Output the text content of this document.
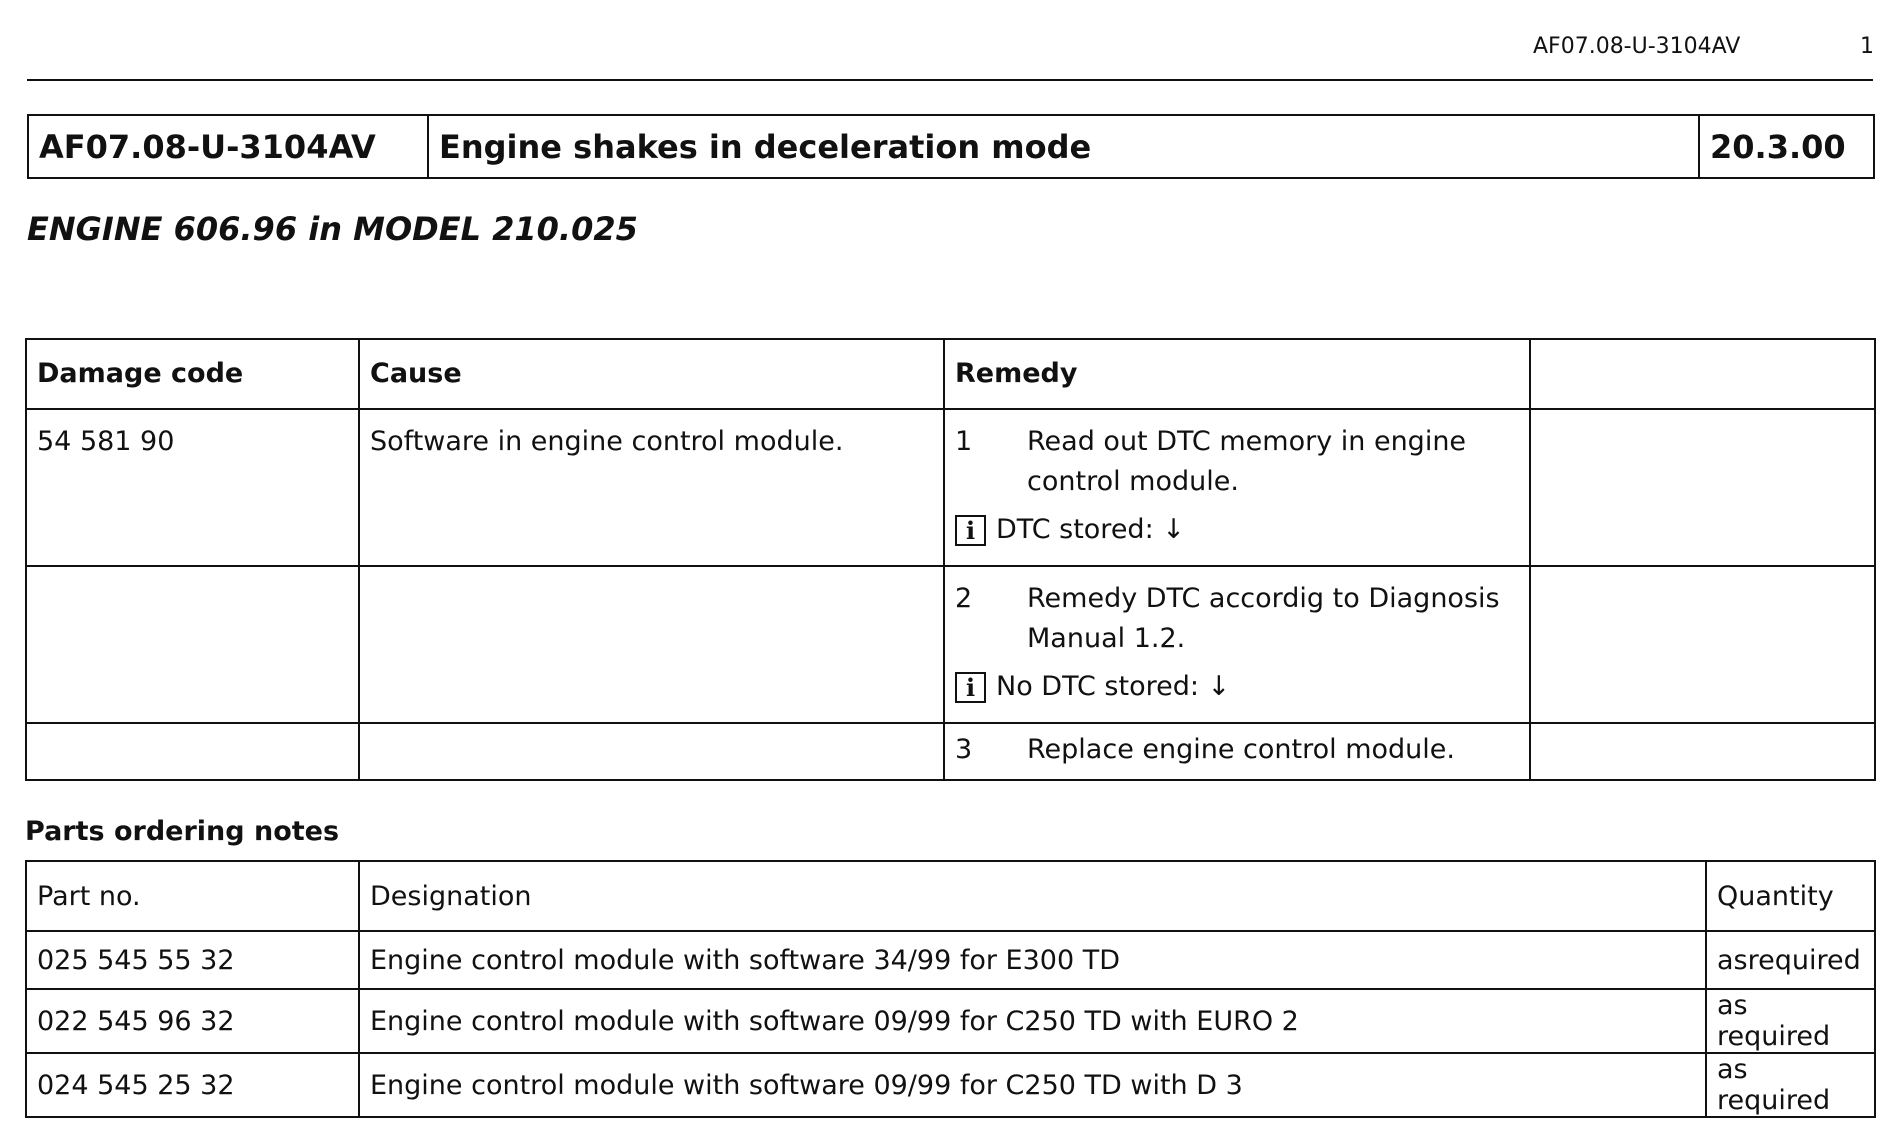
AF07.08-U-3104AV	1
AF07.08-U-3104AV	Engine shakes in deceleration mode	20.3.00
ENGINE 606.96 in MODEL 210.025
Damage code	Cause	Remedy	
54 581 90	Software in engine control module.	1 Read out DTC memory in engine control module.
i DTC stored: ↓	

		2 Remedy DTC accordig to Diagnosis Manual 1.2.
i No DTC stored: ↓	

		3 Replace engine control module.	

Parts ordering notes
Part no.	Designation	Quantity
025 545 55 32	Engine control module with software 34/99 for E300 TD	asrequired
022 545 96 32	Engine control module with software 09/99 for C250 TD with EURO 2	as required
024 545 25 32	Engine control module with software 09/99 for C250 TD with D 3	as required
